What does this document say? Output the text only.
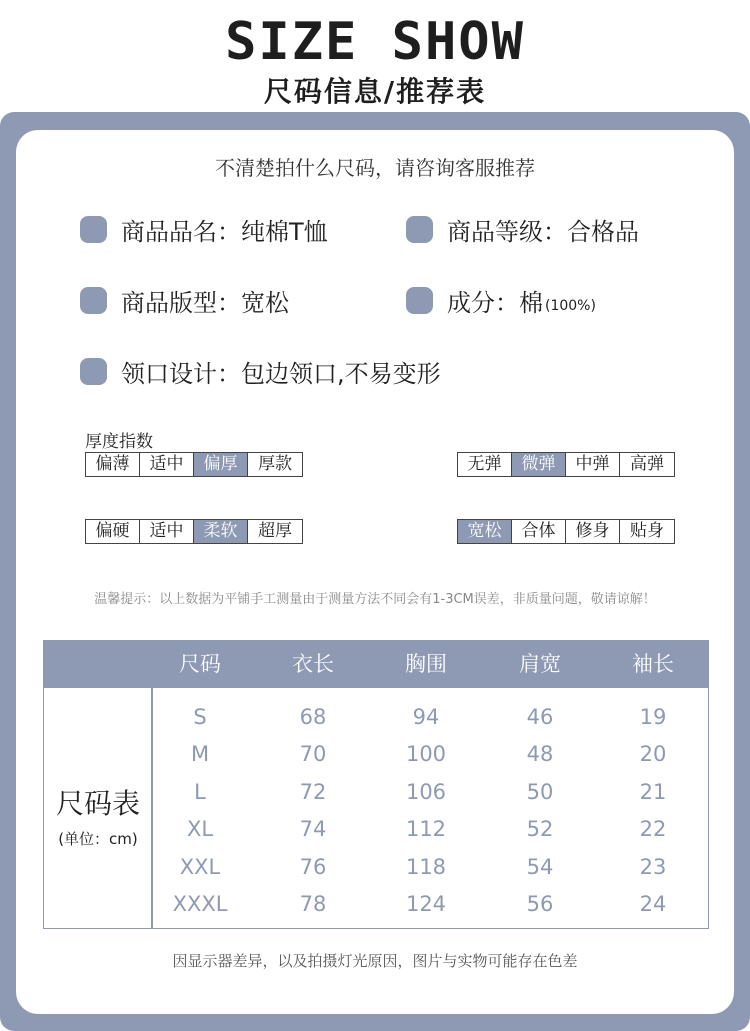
SIZE SHOW
尺码信息/推荐表
不清楚拍什么尺码，请咨询客服推荐
商品品名：纯棉T恤	商品等级：合格品
商品版型：宽松	成分：棉 (100%)
领口设计：包边领口,不易变形
厚度指数
偏薄	适中	偏厚	厚款	无弹	微弹	中弹	高弹
偏硬	适中	柔软	超厚	宽松	合体	修身	贴身
温馨提示：以上数据为平铺手工测量由于测量方法不同会有1-3CM误差，非质量问题，敬请谅解！
尺码	衣长	胸围	肩宽	袖长
尺码表
(单位：cm)
S	68	94	46	19
M	70	100	48	20
L	72	106	50	21
XL	74	112	52	22
XXL	76	118	54	23
XXXL	78	124	56	24
因显示器差异，以及拍摄灯光原因，图片与实物可能存在色差
